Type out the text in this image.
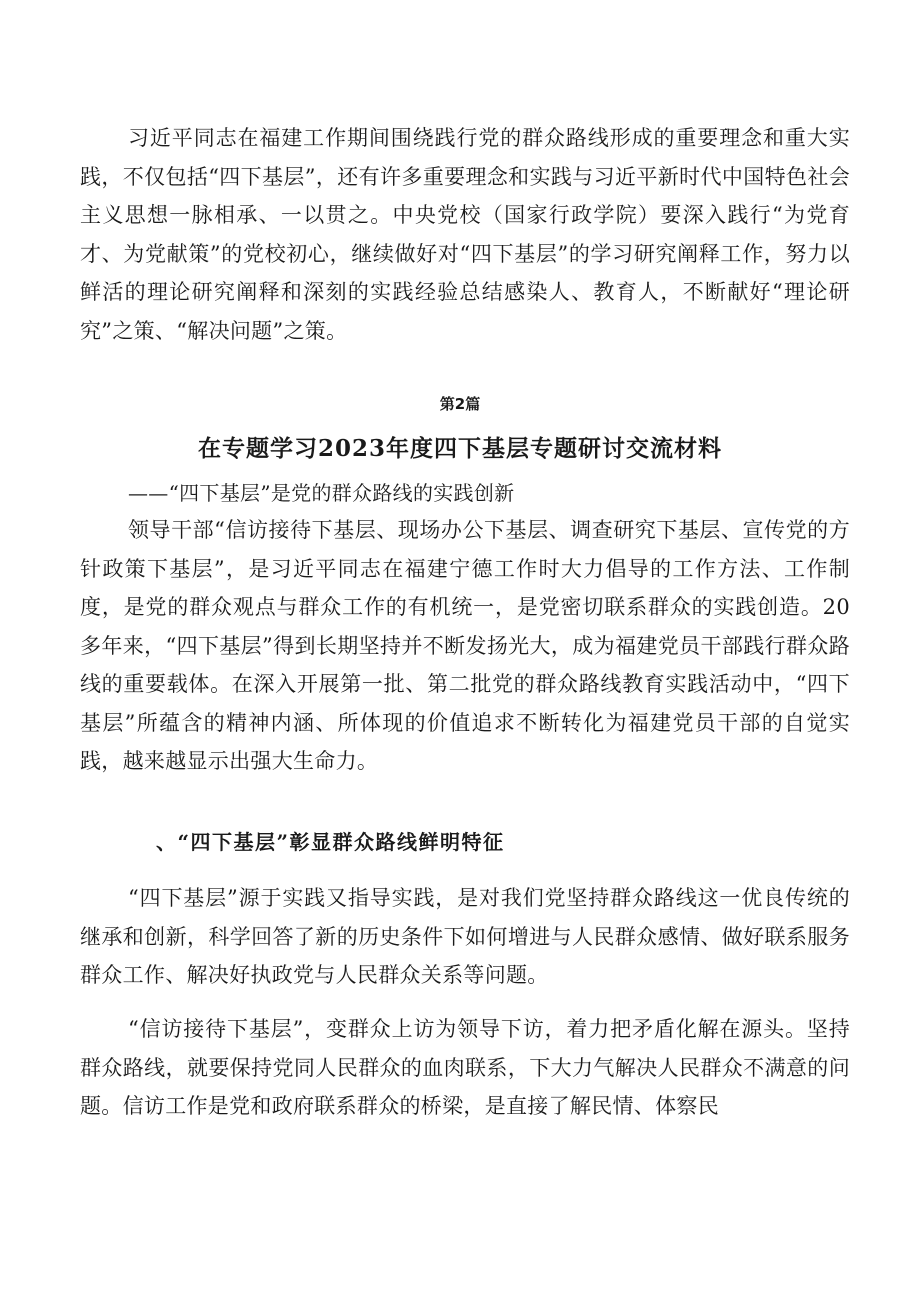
习近平同志在福建工作期间围绕践行党的群众路线形成的重要理念和重大实践，不仅包括“四下基层”，还有许多重要理念和实践与习近平新时代中国特色社会主义思想一脉相承、一以贯之。中央党校（国家行政学院）要深入践行“为党育才、为党献策”的党校初心，继续做好对“四下基层”的学习研究阐释工作，努力以鲜活的理论研究阐释和深刻的实践经验总结感染人、教育人，不断献好“理论研究”之策、“解决问题”之策。

第2篇

在专题学习2023年度四下基层专题研讨交流材料

——“四下基层”是党的群众路线的实践创新

领导干部“信访接待下基层、现场办公下基层、调查研究下基层、宣传党的方针政策下基层”，是习近平同志在福建宁德工作时大力倡导的工作方法、工作制度，是党的群众观点与群众工作的有机统一，是党密切联系群众的实践创造。20多年来，“四下基层”得到长期坚持并不断发扬光大，成为福建党员干部践行群众路线的重要载体。在深入开展第一批、第二批党的群众路线教育实践活动中，“四下基层”所蕴含的精神内涵、所体现的价值追求不断转化为福建党员干部的自觉实践，越来越显示出强大生命力。

、“四下基层”彰显群众路线鲜明特征

“四下基层”源于实践又指导实践，是对我们党坚持群众路线这一优良传统的继承和创新，科学回答了新的历史条件下如何增进与人民群众感情、做好联系服务群众工作、解决好执政党与人民群众关系等问题。

“信访接待下基层”，变群众上访为领导下访，着力把矛盾化解在源头。坚持群众路线，就要保持党同人民群众的血肉联系，下大力气解决人民群众不满意的问题。信访工作是党和政府联系群众的桥梁，是直接了解民情、体察民
